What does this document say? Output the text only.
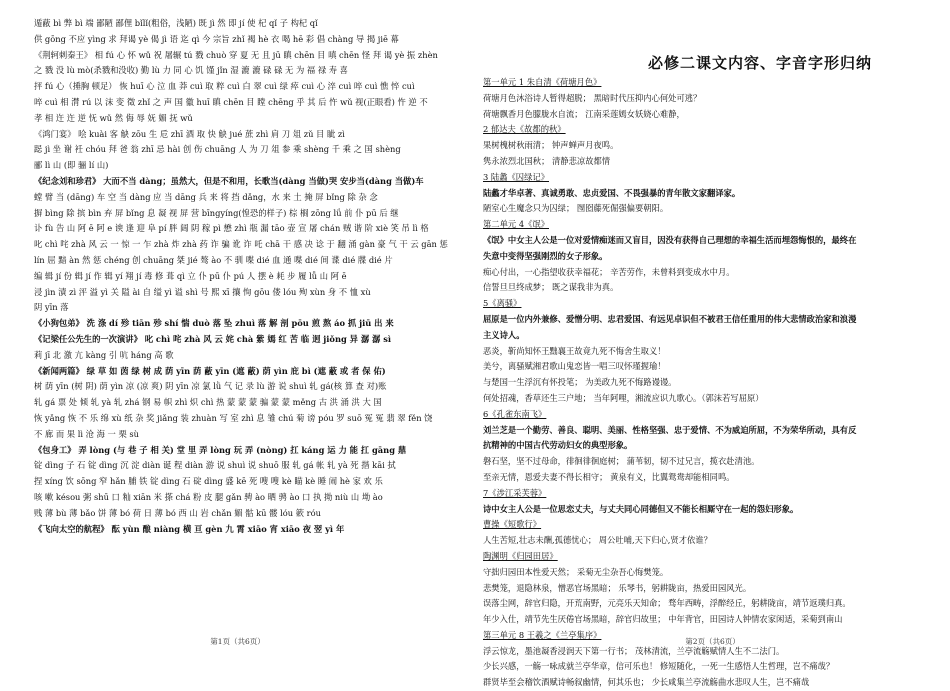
遁蔽 bì 弊 bì 端 鄙陋 鄙俚 bǐlǐ(粗俗，浅陋) 既 jì 然 即 jí 使 杞 qǐ 子 构杞 qǐ
供 gōng 不应 yìng 求 拜谒 yè 偈 jì 语 迄 qì 今 宗旨 zhǐ 褐 hè 衣 喝 hē 彩 倡 chàng 导 揭 jiē 幕
《荆轲刺秦王》 相 fú 心 怀 wǔ 祝 屠辗 tú 戮 chuò 穿 夏 无 且 jū 瞋 chēn 目 嗔 chēn 怪 拜 谒 yè 振 zhèn
之 戮 没 lù mò(杀戮和没收) 勤 lù 力 同 心 饥 馑 jǐn 湿 漉 漉 碌 碌 无 为 福 禄 寿 喜
抨 fú 心（捶胸 顿足） 恢 huī 心 泣 血 莽 cuì 取 粹 cuì 白 翠 cuì 绿 瘁 cuì 心 淬 cuì 啐 cuì 憔 悴 cuì
啐 cuì 相 潸 rú 以 沫 变 徵 zhǐ 之 声 国 徽 huī 瞋 chēn 目 瞠 chēng 乎 其 后 忤 wǔ 视(正眼看) 忤 逆 不
孝 相 迕 迕 逆 怃 wǔ 然 侮 辱 妩 媚 抚 wǔ
《鸿门宴》 哙 kuài 客 觖 zōu 生 卮 zhī 酒 取 快 觖 jué 蔗 zhì 肩 刀 俎 zǔ 目 眦 zì
跽 jì 坐 谢 衽 chóu 拜 爸 翁 zhī 忌 hài 创 伤 chuāng 人 为 刀 俎 参 乘 shèng 千 乘 之 国 shèng
郦 lì 山 (即 骊 lí 山)
《纪念刘和珍君》 大而不当 dàng；虽然大，但是不和用，长歌当(dàng 当做)哭 安步当(dàng 当做)车
螳 臂 当 (dāng) 车 空 当 dàng 应 当 dāng 兵 来 将 挡 dǎng，水 来 土 掩 屏 bǐng 除 杂 念
摒 bìng 除 摈 bìn 弃 屏 bǐng 息 凝 视 屏 营 bīngyíng(惶恐的样子) 棕 榈 zōng lǘ 前 仆 pū 后 继
讣 fù 告 山 阿 ē 阿 e 谀 逢 迎 阜 pí 胖 阔 阴 稼 pì 懋 zhì 瓶 漏 tāo 壶 宣 屠 chán 贼 谐 阶 xiè 笑 吊 lì 格
叱 chì 咤 zhà 风 云 一 惊 一 乍 zhà 炸 zhà 药 诈 骗 讹 诈 吒 chā 干 感 决 谂 于 翻 涌 gàn 豪 气 干 云 gān 惩
lín 屈 黯 àn 然 惩 chéng 创 chuāng 桀 jié 骜 ào 不 驯 喋 dié 血 通 喋 dié 间 谍 dié 牒 dié 片
编 辑 jí 份 辑 jí 作 辑 yí 翔 jí 毒 修 葺 qì 立 仆 pū 仆 pú 人 摆 è 耗 步 履 lǚ 山 阿 ē
浸 jìn 漬 zì 泙 溢 yì 关 隘 ài 自 缢 yì 谥 shì 号 熙 xī 攘 恂 gōu 偻 lóu 殉 xùn 身 不 恤 xù
阴 yīn 落
《小狗包弟》 洗 涤 dí 殄 tiān 殄 shí 惴 duò 落 坠 zhuì 落 解 剖 pōu 煎 熬 áo 抓 jiū 出 来
《记梁任公先生的一次演讲》 叱 chì 咤 zhà 风 云 姹 chà 紫 嫣 红 苦 临 迥 jiǒng 异 潺 潺 sì
莉 jī 北 激 亢 kàng 引 吭 háng 高 歌
《新闻两篇》 绿 草 如 茵 绿 树 成 荫 yīn 荫 蔽 yīn (遮 蔽) 荫 yìn 庇 bì (遮 蔽 或 者 保 佑)
树 荫 yīn (树 阴) 荫 yìn 凉 (凉 爽) 阴 yīn 凉 氯 lǜ 气 记 录 lù 游 说 shuì 轧 gá(核 算 查 对)账
轧 gá 票 处 倾 轧 yà 轧 zhá 钢 易 帜 zhì 炽 chì 热 蒙 蒙 蒙 骗 蒙 蒙 měng 古 洪 涌 洪 大 国
恢 yǎng 恢 不 乐 绵 xù 纸 杂 奖 jiǎng 装 zhuàn 写 室 zhì 息 雏 chú 菊 谤 póu 罗 suō 冤 冤 翡 翠 fěn 饶
不 廊 而 果 lì 沧 海 一 栗 sù
《包身工》 弄 lòng (与 巷 子 相 关) 堂 里 弄 lòng 玩 弄 (nòng) 扛 káng 运 力 能 扛 gāng 鼎
锭 dìng 子 石 锭 dìng 沉 淀 diàn 诞 程 diàn 游 说 shuì 说 shuō 服 轧 gá 帐 轧 yà 死 揩 kāi 拭
捏 xíng 饮 sōng 窄 hǎn 脯 铁 锭 dìng 石 碇 dìng 盛 kē 死 嗖 嗖 kè 瞄 kè 睡 闹 hè 家 欢 乐
咳 嗽 késou 粥 shū 口 籼 xiān 米 搽 chá 粉 皮 腿 gǎn 骋 ào 晒 骋 ào 口 执 拗 niù 山 坳 ào
贱 薄 bù 薄 bǎo 饼 薄 bó 荷 日 薄 bó 西 山 岩 chǎn 媚 骷 kū 髅 lóu 簌 róu
《飞向太空的航程》 酝 yùn 酿 niàng 横 亘 gèn 九 霄 xiāo 宵 xiāo 夜 翌 yì 年
第1页（共6页）
必修二课文内容、字音字形归纳
第一单元 1 朱自清《荷塘月色》
荷塘月色沐浴诗人暂得超脱； 黑暗时代压抑内心何处可逃？
荷塘飘香月色朦胧水自流； 江南采莲嫣女妖娆心难静，
2 郁达夫《故都的秋》
果树槐树秋雨清； 钟声蝉声月夜鸣。
隽永浓烈北国秋； 清静悲凉故都情
3 陆蠡《囚绿记》
陆蠡才华卓著、真诚勇敢、忠贞爱国、不畏强暴的青年散文家翻译家。
陋室心生魔念只为囚绿； 囫囵藤死倔强偏要朝阳。
第二单元 4《氓》
《氓》中女主人公是一位对爱情痴迷而又盲目，因没有获得自己理想的幸福生活而埋怨悔恨的，最终在
失意中变得坚强刚烈的女子形象。
痴心付出，一心指望收获幸福花； 辛苦劳作，未曾料到变成水中月。
信誓旦旦终成梦； 既之谋我非为真。
5《离骚》
屈原是一位内外兼修、爱憎分明、忠君爱国、有远见卓识但不被君王信任重用的伟大悲情政治家和浪漫
主义诗人。
恶炎，靳尚知怀王黜襄王故竟九死不悔舍生取义！
美兮，离骚赋湘君歌山鬼恋皆一唱三叹怀瑾握瑜！
与楚国一生浮沉有怀投笔； 为美政九死不悔路谩谩。
何处招魂，香草还生三户地； 当年阿哩，湘流应识九歌心。（郭沫若写屈原）
6《孔雀东南飞》
刘兰芝是一个勤劳、善良、聪明、美丽、性格坚强、忠于爱情、不为威迫所屈，不为荣华所动，具有反
抗精神的中国古代劳动妇女的典型形象。
磐石坚，坚不过母命，徘徊徘徊庭树； 蒲苇韧，韧不过兄言，揽衣赴清池。
至亲无情，恩爱夫妻不得长相守； 黄泉有义，比翼鸳鸯却能相同鸣。
7《涉江采芙蓉》
诗中女主人公是一位思恋丈夫，与丈夫同心同德但又不能长相厮守在一起的怨妇形象。
曹操《短歌行》
人生苦短,壮志未酬,孤德忧心； 周公吐哺,天下归心,贤才依谁？
陶渊明《归园田居》
守拙归园田本性爱天然； 采菊无尘杂吾心悔樊笼。
悲樊笼，退隐林泉，憎恶官场黑暗； 乐琴书，躬耕陇亩，热爱田园风光。
误落尘网，辞官归隐，开荒南野，元亮乐天知命； 骛年西畴，浮醉经丘，躬耕陇亩，靖节返璞归真。
年少入仕，靖节先生厌倦官场黑暗，辞官归故里； 中年背官，田园诗人钟情农家闲适，采菊到南山
第三单元 8 王羲之《兰亭集序》
浮云惊龙，墨池凝香浸润天下第一行书； 茂林清流，兰亭流觞赋情人生不二法门。
少长兴感，一觞一咏成就兰亭华章，信可乐也！ 修短随化，一死一生感悟人生哲理，岂不痛哉？
群贤毕至会稽饮酒赋诗畅叙幽情，何其乐也； 少长咸集兰亭流觞曲水悲叹人生，岂不痛哉
第2页（共6页）
